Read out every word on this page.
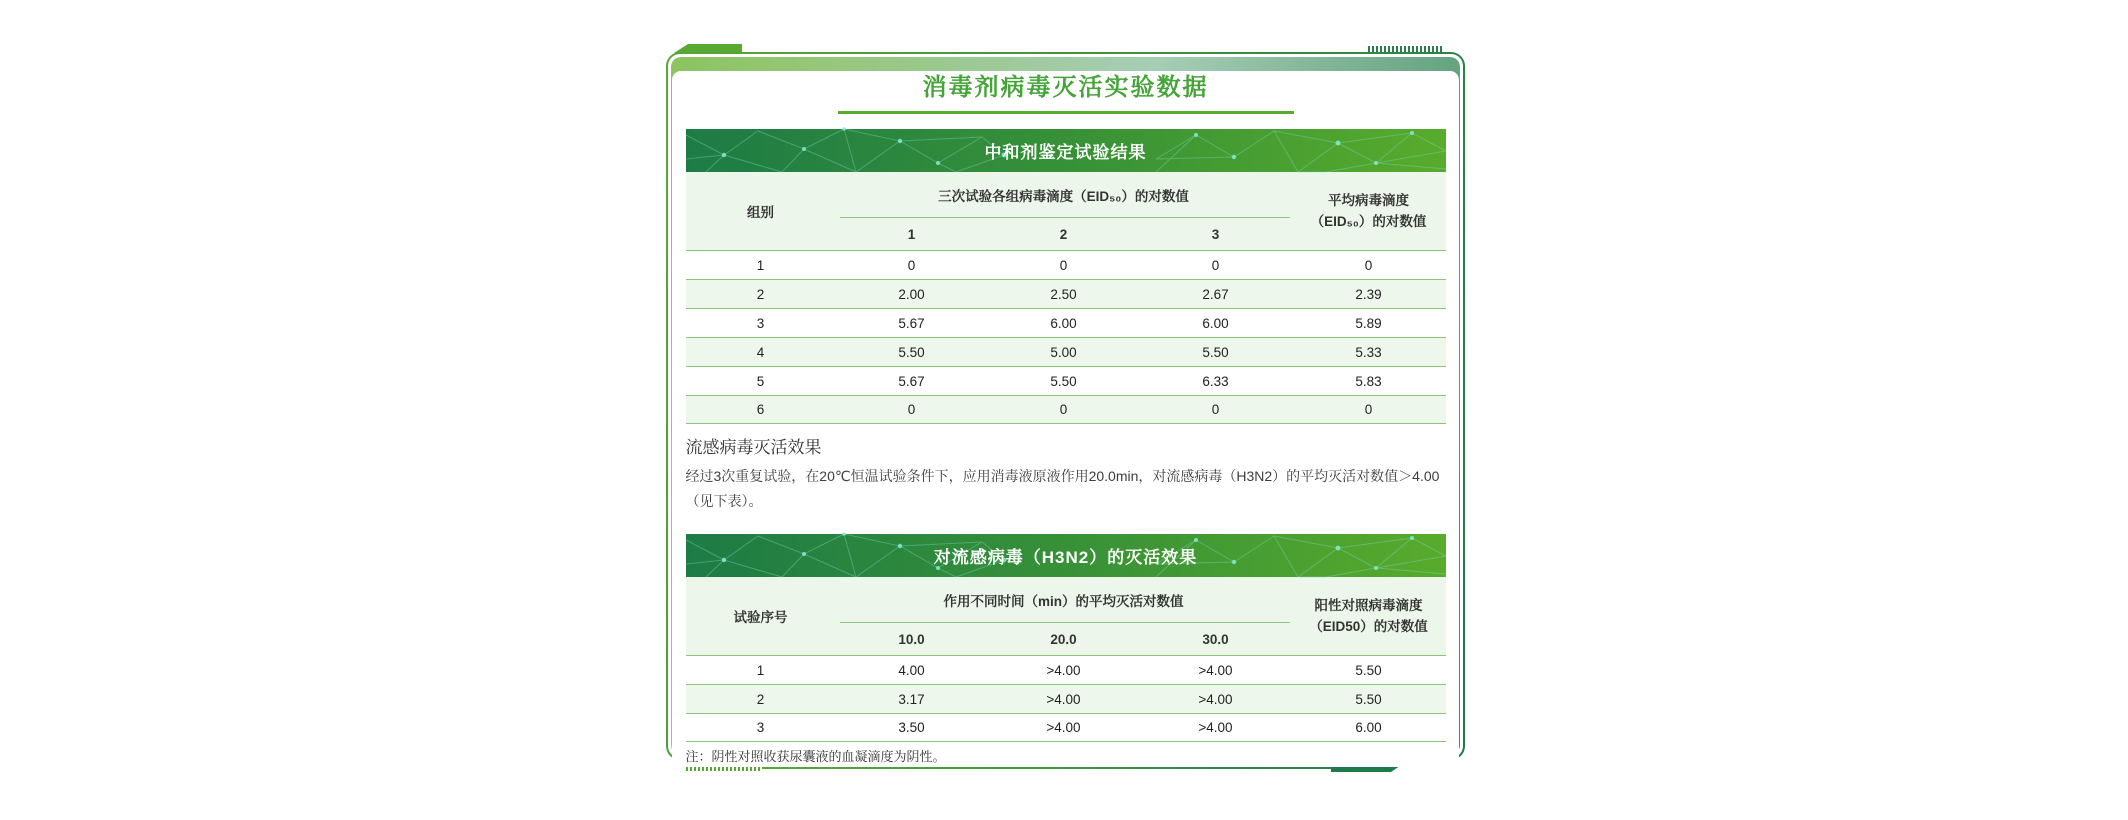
消毒剂病毒灭活实验数据
中和剂鉴定试验结果
组别
三次试验各组病毒滴度（EID₅₀）的对数值
1	2	3
平均病毒滴度
（EID₅₀）的对数值
1	0	0	0	0
2	2.00	2.50	2.67	2.39
3	5.67	6.00	6.00	5.89
4	5.50	5.00	5.50	5.33
5	5.67	5.50	6.33	5.83
6	0	0	0	0
流感病毒灭活效果
经过3次重复试验，在20℃恒温试验条件下，应用消毒液原液作用20.0min，对流感病毒（H3N2）的平均灭活对数值＞4.00（见下表）。
对流感病毒（H3N2）的灭活效果
试验序号
作用不同时间（min）的平均灭活对数值
10.0	20.0	30.0
阳性对照病毒滴度
（EID50）的对数值
1	4.00	>4.00	>4.00	5.50
2	3.17	>4.00	>4.00	5.50
3	3.50	>4.00	>4.00	6.00
注：阴性对照收获尿囊液的血凝滴度为阴性。
